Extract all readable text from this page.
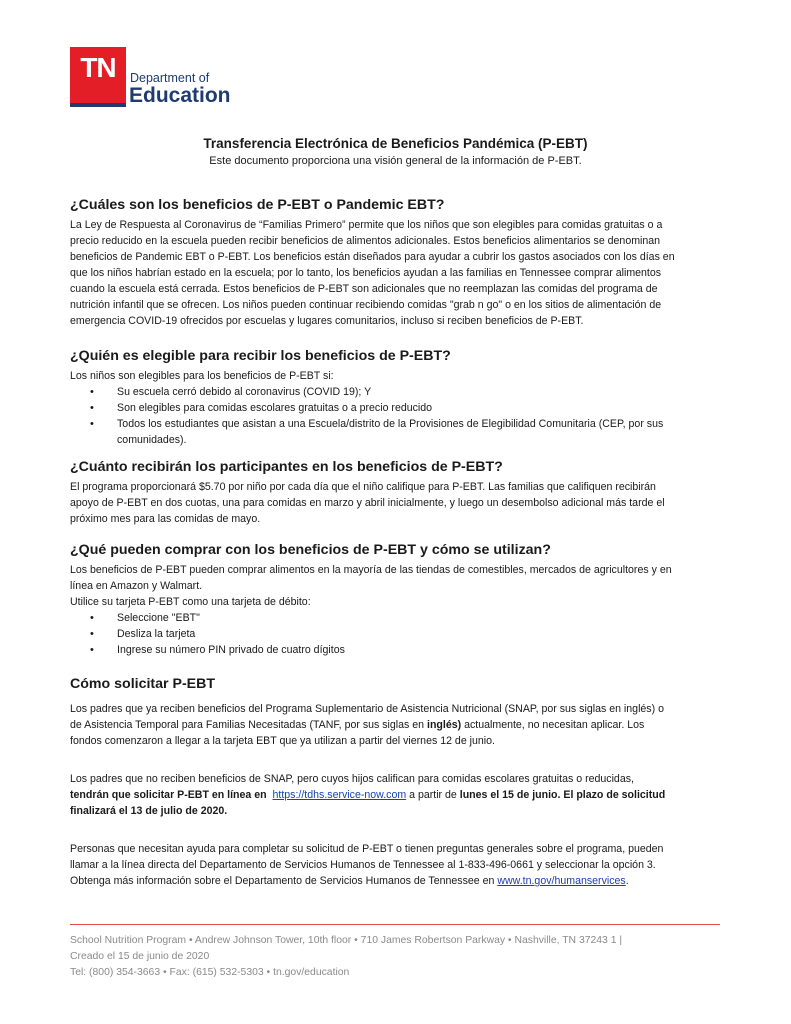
TN	Department of
Education
Transferencia Electrónica de Beneficios Pandémica (P-EBT)
Este documento proporciona una visión general de la información de P-EBT.
¿Cuáles son los beneficios de P-EBT o Pandemic EBT?

La Ley de Respuesta al Coronavirus de “Familias Primero” permite que los niños que son elegibles para comidas gratuitas o a

precio reducido en la escuela pueden recibir beneficios de alimentos adicionales. Estos beneficios alimentarios se denominan

beneficios de Pandemic EBT o P-EBT. Los beneficios están diseñados para ayudar a cubrir los gastos asociados con los días en

que los niños habrían estado en la escuela; por lo tanto, los beneficios ayudan a las familias en Tennessee comprar alimentos

cuando la escuela está cerrada. Estos beneficios de P-EBT son adicionales que no reemplazan las comidas del programa de

nutrición infantil que se ofrecen. Los niños pueden continuar recibiendo comidas "grab n go" o en los sitios de alimentación de

emergencia COVID-19 ofrecidos por escuelas y lugares comunitarios, incluso si reciben beneficios de P-EBT.

¿Quién es elegible para recibir los beneficios de P-EBT?

Los niños son elegibles para los beneficios de P-EBT si:

• Su escuela cerró debido al coronavirus (COVID 19); Y
• Son elegibles para comidas escolares gratuitas o a precio reducido
• Todos los estudiantes que asistan a una Escuela/distrito de la Provisiones de Elegibilidad Comunitaria (CEP, por sus
comunidades).
¿Cuánto recibirán los participantes en los beneficios de P-EBT?

El programa proporcionará $5.70 por niño por cada día que el niño califique para P-EBT. Las familias que califiquen recibirán

apoyo de P-EBT en dos cuotas, una para comidas en marzo y abril inicialmente, y luego un desembolso adicional más tarde el

próximo mes para las comidas de mayo.

¿Qué pueden comprar con los beneficios de P-EBT y cómo se utilizan?

Los beneficios de P-EBT pueden comprar alimentos en la mayoría de las tiendas de comestibles, mercados de agricultores y en

línea en Amazon y Walmart.

Utilice su tarjeta P-EBT como una tarjeta de débito:

• Seleccione "EBT"
• Desliza la tarjeta
• Ingrese su número PIN privado de cuatro dígitos
Cómo solicitar P-EBT

Los padres que ya reciben beneficios del Programa Suplementario de Asistencia Nutricional (SNAP, por sus siglas en inglés) o

de Asistencia Temporal para Familias Necesitadas (TANF, por sus siglas en inglés) actualmente, no necesitan aplicar. Los

fondos comenzaron a llegar a la tarjeta EBT que ya utilizan a partir del viernes 12 de junio.

Los padres que no reciben beneficios de SNAP, pero cuyos hijos califican para comidas escolares gratuitas o reducidas,

tendrán que solicitar P-EBT en línea en https://tdhs.service-now.com a partir de lunes el 15 de junio. El plazo de solicitud

finalizará el 13 de julio de 2020.

Personas que necesitan ayuda para completar su solicitud de P-EBT o tienen preguntas generales sobre el programa, pueden

llamar a la línea directa del Departamento de Servicios Humanos de Tennessee al 1-833-496-0661 y seleccionar la opción 3.

Obtenga más información sobre el Departamento de Servicios Humanos de Tennessee en www.tn.gov/humanservices.

School Nutrition Program • Andrew Johnson Tower, 10th floor • 710 James Robertson Parkway • Nashville, TN 37243 1 |
Creado el 15 de junio de 2020
Tel: (800) 354-3663 • Fax: (615) 532-5303 • tn.gov/education
